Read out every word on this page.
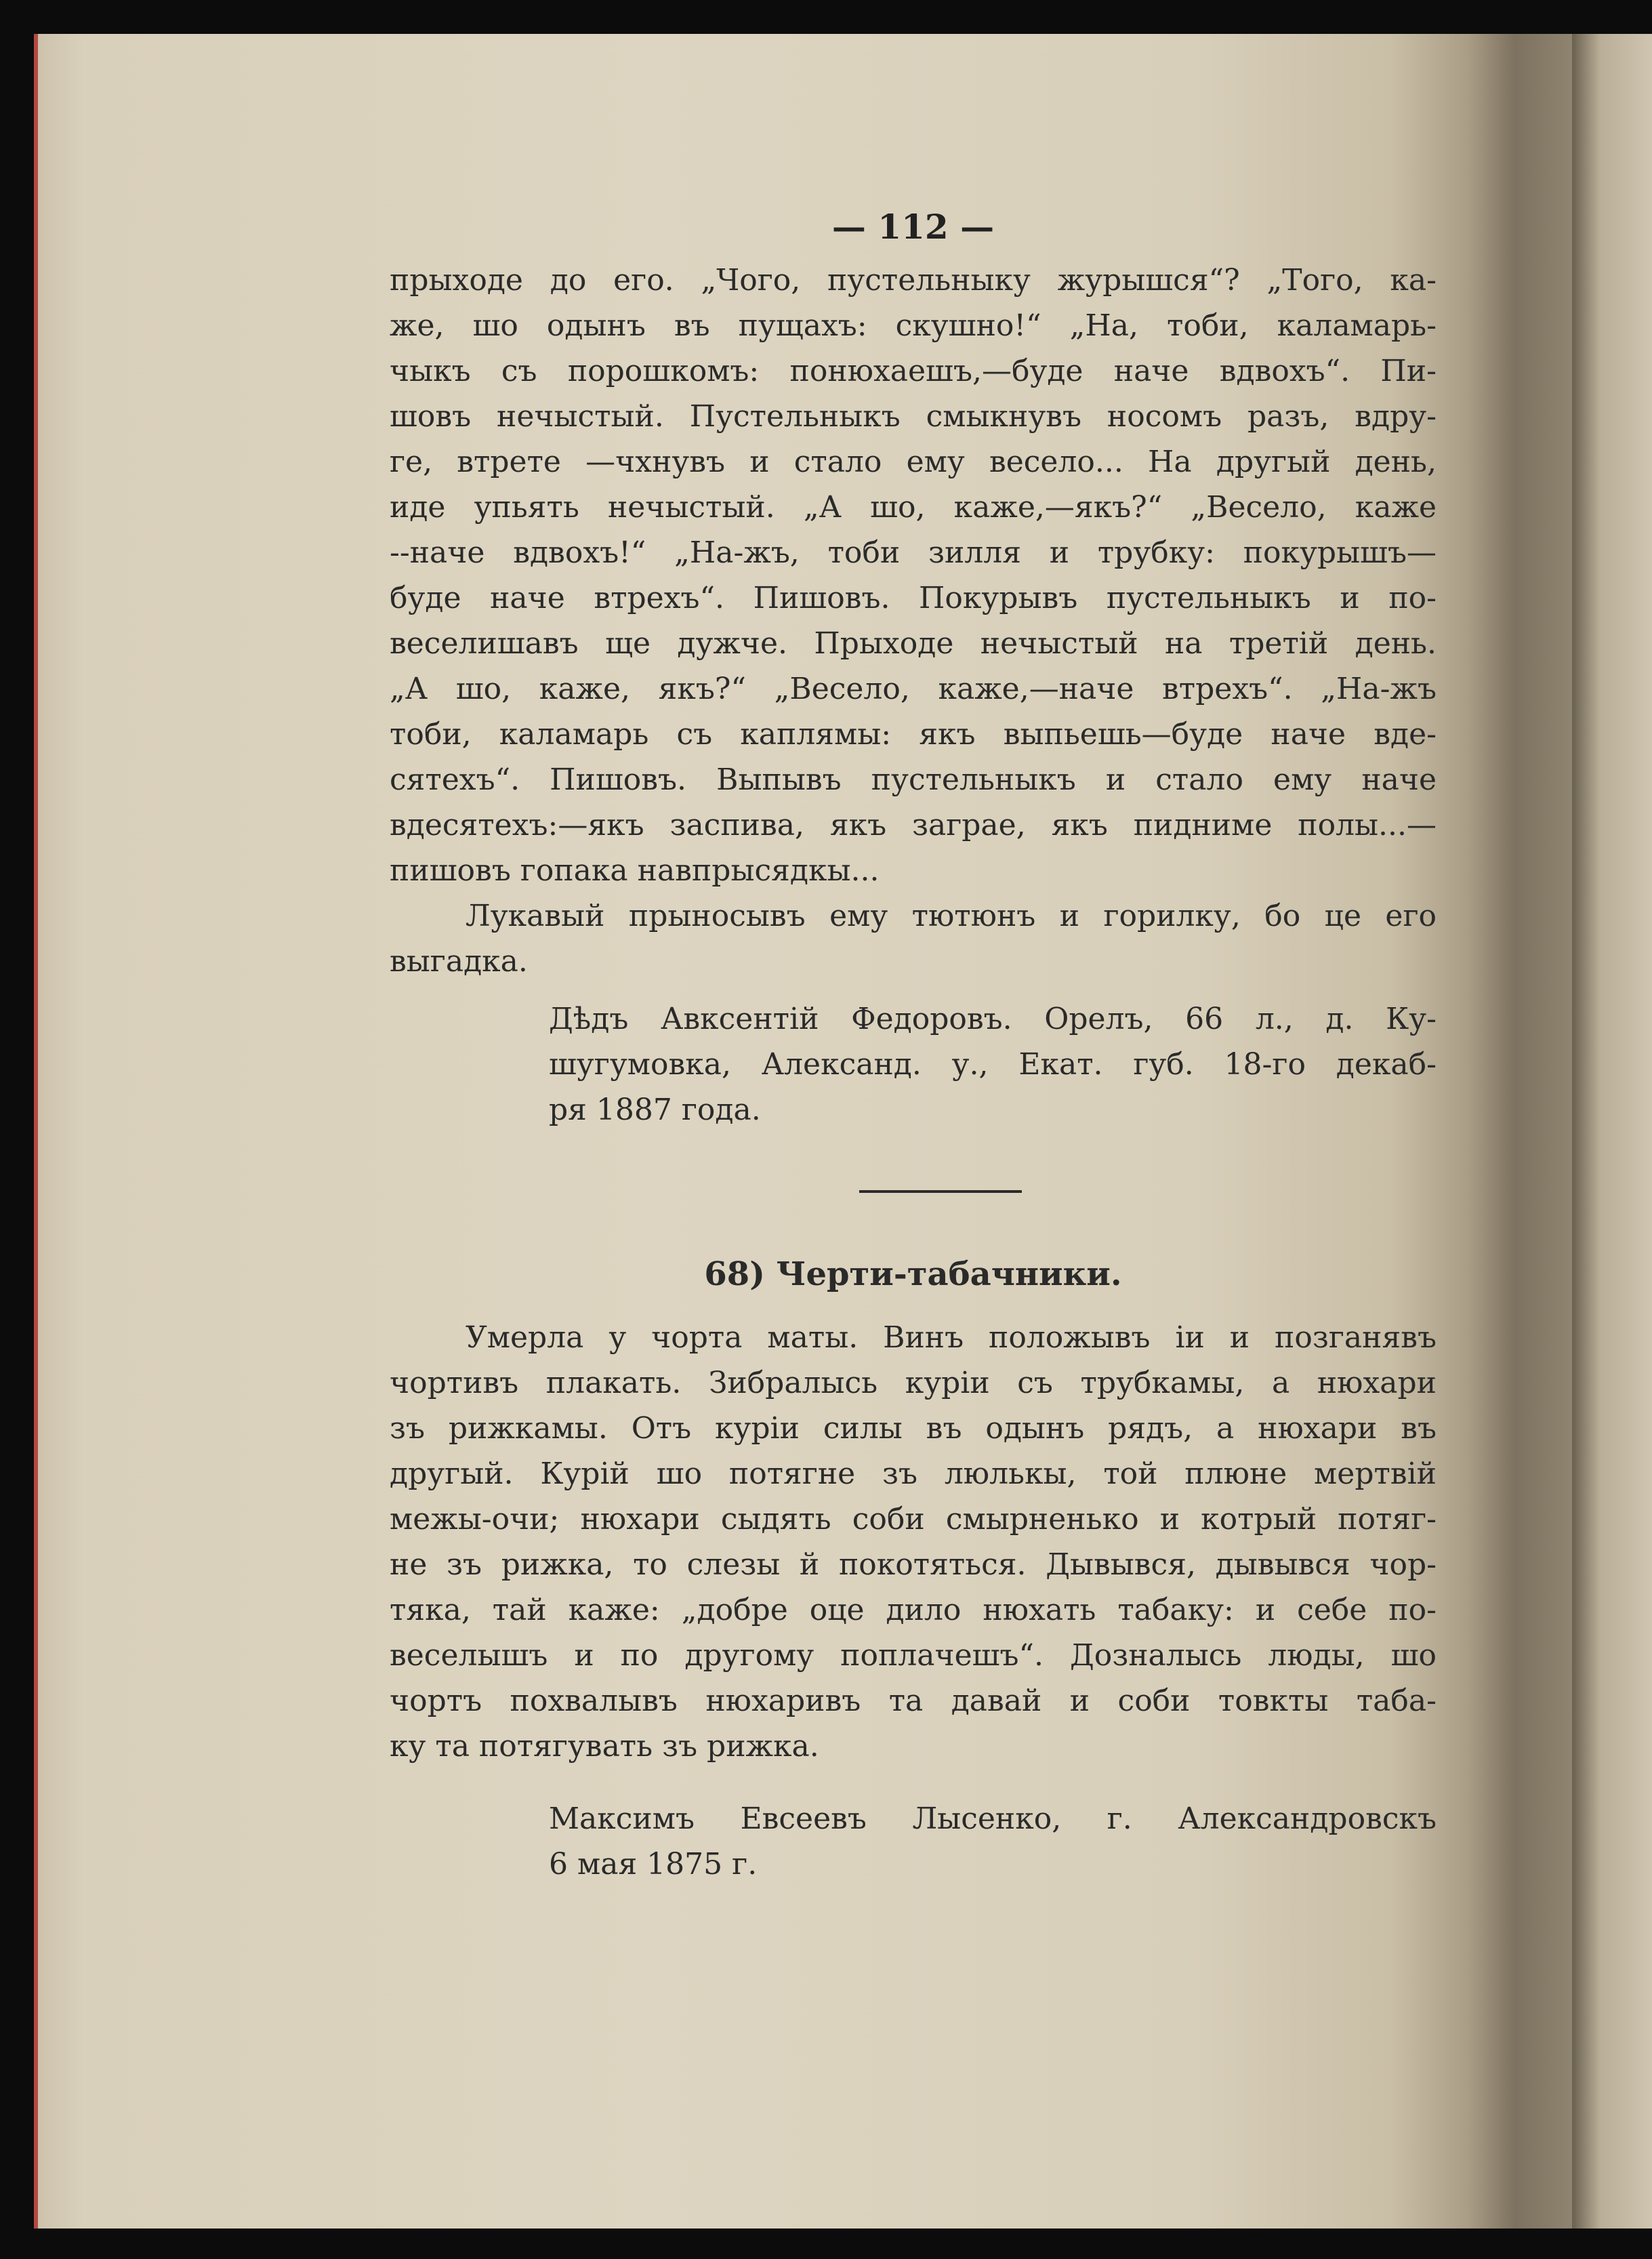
— 112 —
прыходе до его. „Чого, пустельныку журышся“? „Того, ка-
же, шо одынъ въ пущахъ: скушно!“ „На, тоби, каламарь-
чыкъ съ порошкомъ: понюхаешъ,—буде наче вдвохъ“. Пи-
шовъ нечыстый. Пустельныкъ смыкнувъ носомъ разъ, вдру-
ге, втрете —чхнувъ и стало ему весело... На другый день,
иде упьять нечыстый. „А шо, каже,—якъ?“ „Весело, каже
--наче вдвохъ!“ „На-жъ, тоби зилля и трубку: покурышъ—
буде наче втрехъ“. Пишовъ. Покурывъ пустельныкъ и по-
веселишавъ ще дужче. Прыходе нечыстый на третій день.
„А шо, каже, якъ?“ „Весело, каже,—наче втрехъ“. „На-жъ
тоби, каламарь съ каплямы: якъ выпьешь—буде наче вде-
сятехъ“. Пишовъ. Выпывъ пустельныкъ и стало ему наче
вдесятехъ:—якъ заспива, якъ заграе, якъ пидниме полы...—
пишовъ гопака навпрысядкы...
Лукавый прыносывъ ему тютюнъ и горилку, бо це его
выгадка.
Дѣдъ Авксентій Федоровъ. Орелъ, 66 л., д. Ку-
шугумовка, Александ. у., Екат. губ. 18-го декаб-
ря 1887 года.
68) Черти-табачники.
Умерла у чорта маты. Винъ положывъ іи и позганявъ
чортивъ плакать. Зибралысь куріи съ трубкамы, а нюхари
зъ рижкамы. Отъ куріи силы въ одынъ рядъ, а нюхари въ
другый. Курій шо потягне зъ люлькы, той плюне мертвій
межы-очи; нюхари сыдять соби смырненько и котрый потяг-
не зъ рижка, то слезы й покотяться. Дывывся, дывывся чор-
тяка, тай каже: „добре оце дило нюхать табаку: и себе по-
веселышъ и по другому поплачешъ“. Дозналысь люды, шо
чортъ похвалывъ нюхаривъ та давай и соби товкты таба-
ку та потягувать зъ рижка.
Максимъ Евсеевъ Лысенко, г. Александровскъ
6 мая 1875 г.
